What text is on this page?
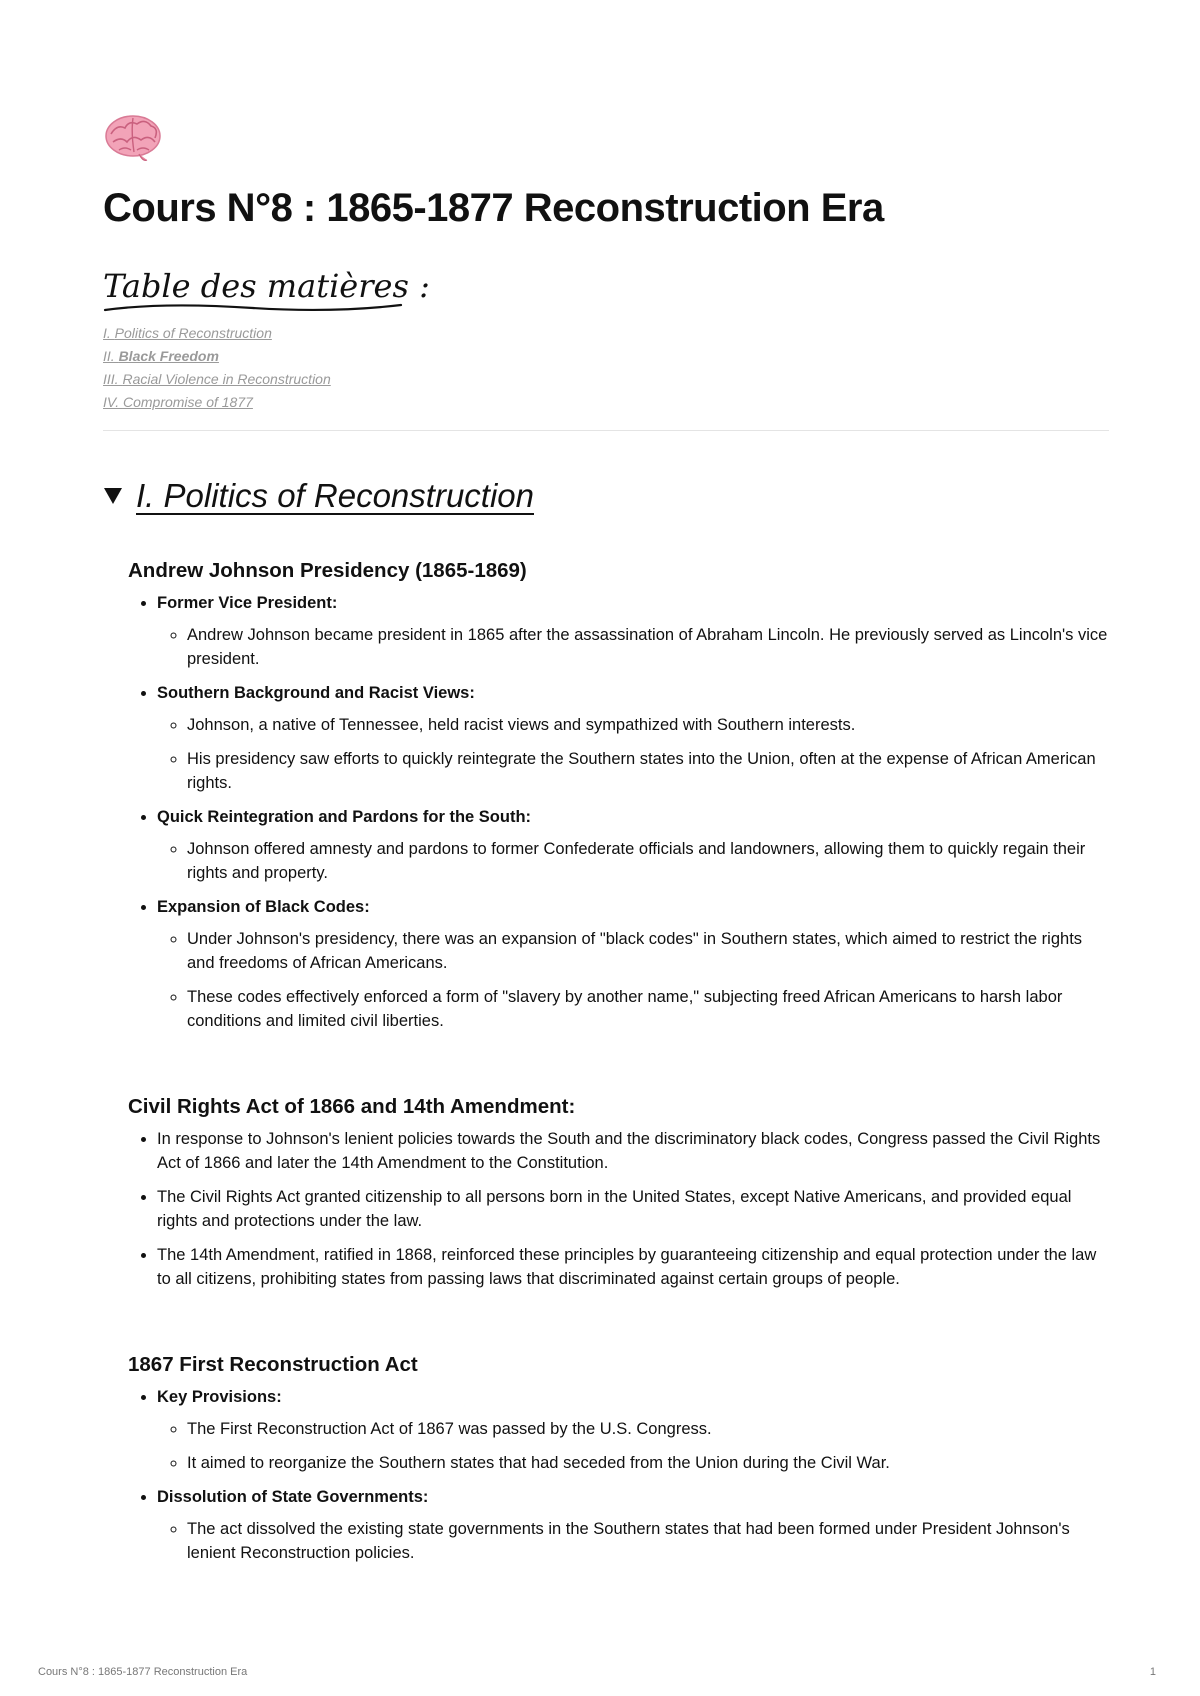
Cours N°8 : 1865-1877 Reconstruction Era
Table des matières :
I. Politics of Reconstruction
II. Black Freedom
III. Racial Violence in Reconstruction
IV. Compromise of 1877
I. Politics of Reconstruction
Andrew Johnson Presidency (1865-1869)
• Former Vice President:
◦ Andrew Johnson became president in 1865 after the assassination of Abraham Lincoln. He previously served as Lincoln's vice president.
• Southern Background and Racist Views:
◦ Johnson, a native of Tennessee, held racist views and sympathized with Southern interests.
◦ His presidency saw efforts to quickly reintegrate the Southern states into the Union, often at the expense of African American rights.
• Quick Reintegration and Pardons for the South:
◦ Johnson offered amnesty and pardons to former Confederate officials and landowners, allowing them to quickly regain their rights and property.
• Expansion of Black Codes:
◦ Under Johnson's presidency, there was an expansion of "black codes" in Southern states, which aimed to restrict the rights and freedoms of African Americans.
◦ These codes effectively enforced a form of "slavery by another name," subjecting freed African Americans to harsh labor conditions and limited civil liberties.
Civil Rights Act of 1866 and 14th Amendment:
• In response to Johnson's lenient policies towards the South and the discriminatory black codes, Congress passed the Civil Rights Act of 1866 and later the 14th Amendment to the Constitution.
• The Civil Rights Act granted citizenship to all persons born in the United States, except Native Americans, and provided equal rights and protections under the law.
• The 14th Amendment, ratified in 1868, reinforced these principles by guaranteeing citizenship and equal protection under the law to all citizens, prohibiting states from passing laws that discriminated against certain groups of people.
1867 First Reconstruction Act
• Key Provisions:
◦ The First Reconstruction Act of 1867 was passed by the U.S. Congress.
◦ It aimed to reorganize the Southern states that had seceded from the Union during the Civil War.
• Dissolution of State Governments:
◦ The act dissolved the existing state governments in the Southern states that had been formed under President Johnson's lenient Reconstruction policies.
Cours N°8 : 1865-1877 Reconstruction Era	1
